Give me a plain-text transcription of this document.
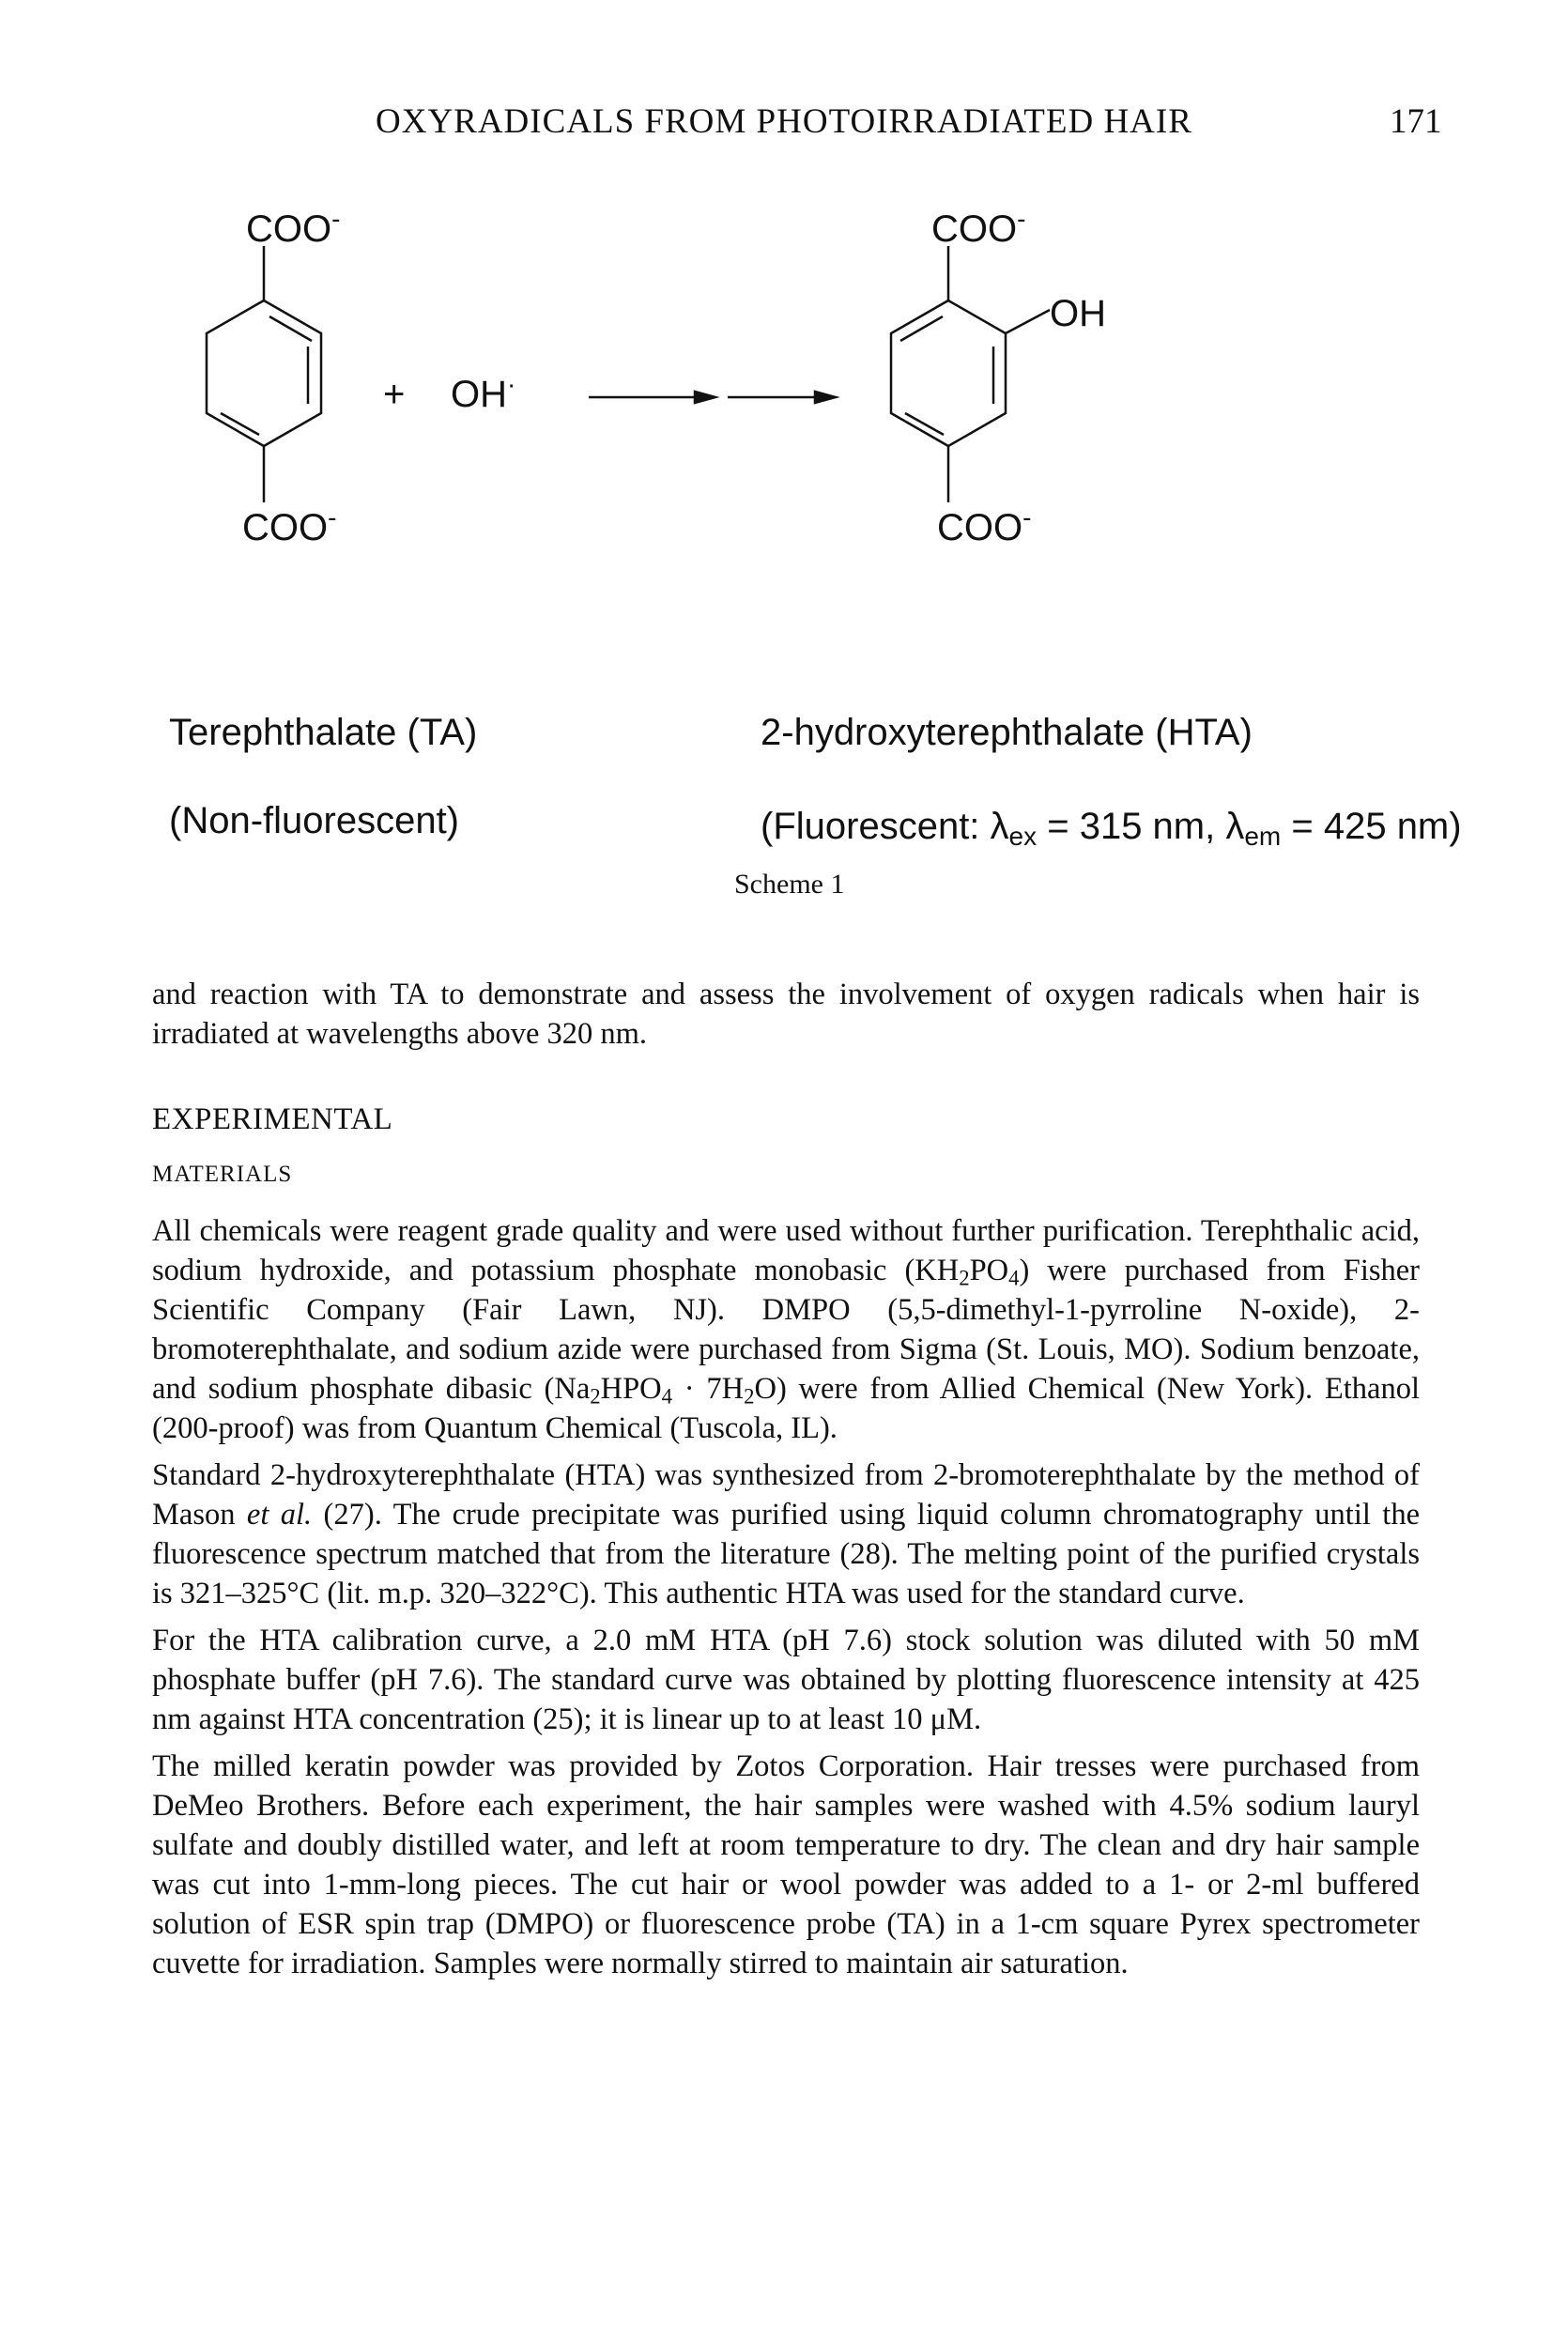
OXYRADICALS FROM PHOTOIRRADIATED HAIR	171
COO-
COO-
+ OH·
COO-
OH
COO-
Terephthalate (TA)	2-hydroxyterephthalate (HTA)
(Non-fluorescent)	(Fluorescent: $\lambda_{ex} = 315$ nm, $\lambda_{em} = 425$ nm)
Scheme 1

and reaction with TA to demonstrate and assess the involvement of oxygen radicals when hair is irradiated at wavelengths above 320 nm.

EXPERIMENTAL
MATERIALS

All chemicals were reagent grade quality and were used without further purification. Terephthalic acid, sodium hydroxide, and potassium phosphate monobasic $(KH_2PO_4)$ were purchased from Fisher Scientific Company (Fair Lawn, NJ). DMPO (5,5-dimethyl-1-pyrroline N-oxide), 2-bromoterephthalate, and sodium azide were purchased from Sigma (St. Louis, MO). Sodium benzoate, and sodium phosphate dibasic $(Na_2HPO_4 \cdot 7H_2O)$ were from Allied Chemical (New York). Ethanol (200-proof) was from Quantum Chemical (Tuscola, IL).

Standard 2-hydroxyterephthalate (HTA) was synthesized from 2-bromoterephthalate by the method of Mason et al. (27). The crude precipitate was purified using liquid column chromatography until the fluorescence spectrum matched that from the literature (28). The melting point of the purified crystals is 321–325°C (lit. m.p. 320–322°C). This authentic HTA was used for the standard curve.

For the HTA calibration curve, a 2.0 mM HTA (pH 7.6) stock solution was diluted with 50 mM phosphate buffer (pH 7.6). The standard curve was obtained by plotting fluorescence intensity at 425 nm against HTA concentration (25); it is linear up to at least 10 μM.

The milled keratin powder was provided by Zotos Corporation. Hair tresses were purchased from DeMeo Brothers. Before each experiment, the hair samples were washed with 4.5% sodium lauryl sulfate and doubly distilled water, and left at room temperature to dry. The clean and dry hair sample was cut into 1-mm-long pieces. The cut hair or wool powder was added to a 1- or 2-ml buffered solution of ESR spin trap (DMPO) or fluorescence probe (TA) in a 1-cm square Pyrex spectrometer cuvette for irradiation. Samples were normally stirred to maintain air saturation.
